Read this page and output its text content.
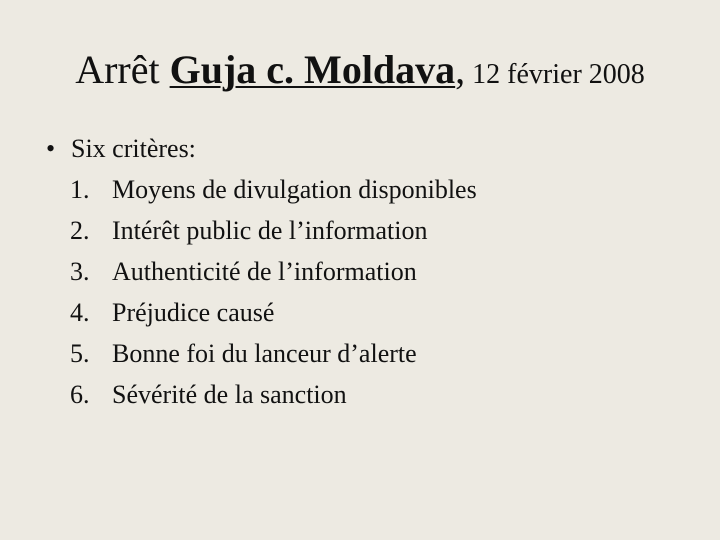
Arrêt Guja c. Moldava, 12 février 2008
• Six critères:
1. Moyens de divulgation disponibles
2. Intérêt public de l’information
3. Authenticité de l’information
4. Préjudice causé
5. Bonne foi du lanceur d’alerte
6. Sévérité de la sanction
